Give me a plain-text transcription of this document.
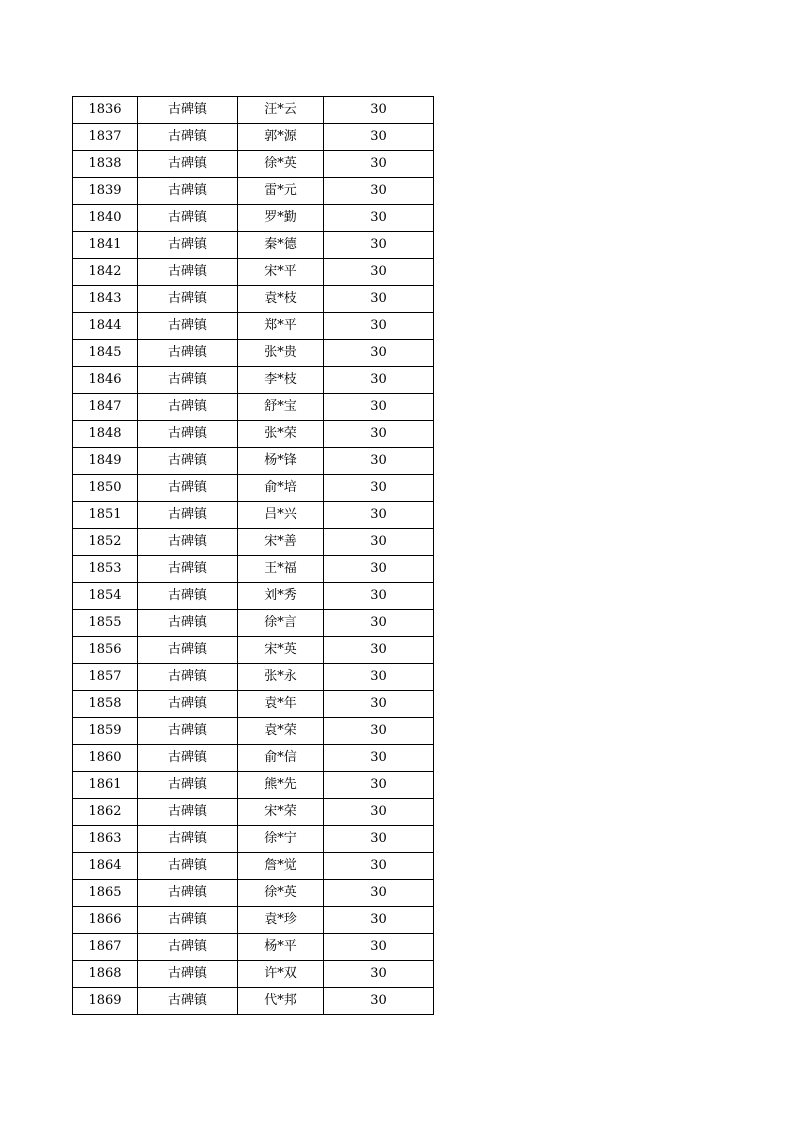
1836	古碑镇	汪*云	30
1837	古碑镇	郭*源	30
1838	古碑镇	徐*英	30
1839	古碑镇	雷*元	30
1840	古碑镇	罗*勤	30
1841	古碑镇	秦*德	30
1842	古碑镇	宋*平	30
1843	古碑镇	袁*枝	30
1844	古碑镇	郑*平	30
1845	古碑镇	张*贵	30
1846	古碑镇	李*枝	30
1847	古碑镇	舒*宝	30
1848	古碑镇	张*荣	30
1849	古碑镇	杨*锋	30
1850	古碑镇	俞*培	30
1851	古碑镇	吕*兴	30
1852	古碑镇	宋*善	30
1853	古碑镇	王*福	30
1854	古碑镇	刘*秀	30
1855	古碑镇	徐*言	30
1856	古碑镇	宋*英	30
1857	古碑镇	张*永	30
1858	古碑镇	袁*年	30
1859	古碑镇	袁*荣	30
1860	古碑镇	俞*信	30
1861	古碑镇	熊*先	30
1862	古碑镇	宋*荣	30
1863	古碑镇	徐*宁	30
1864	古碑镇	詹*觉	30
1865	古碑镇	徐*英	30
1866	古碑镇	袁*珍	30
1867	古碑镇	杨*平	30
1868	古碑镇	许*双	30
1869	古碑镇	代*邦	30
